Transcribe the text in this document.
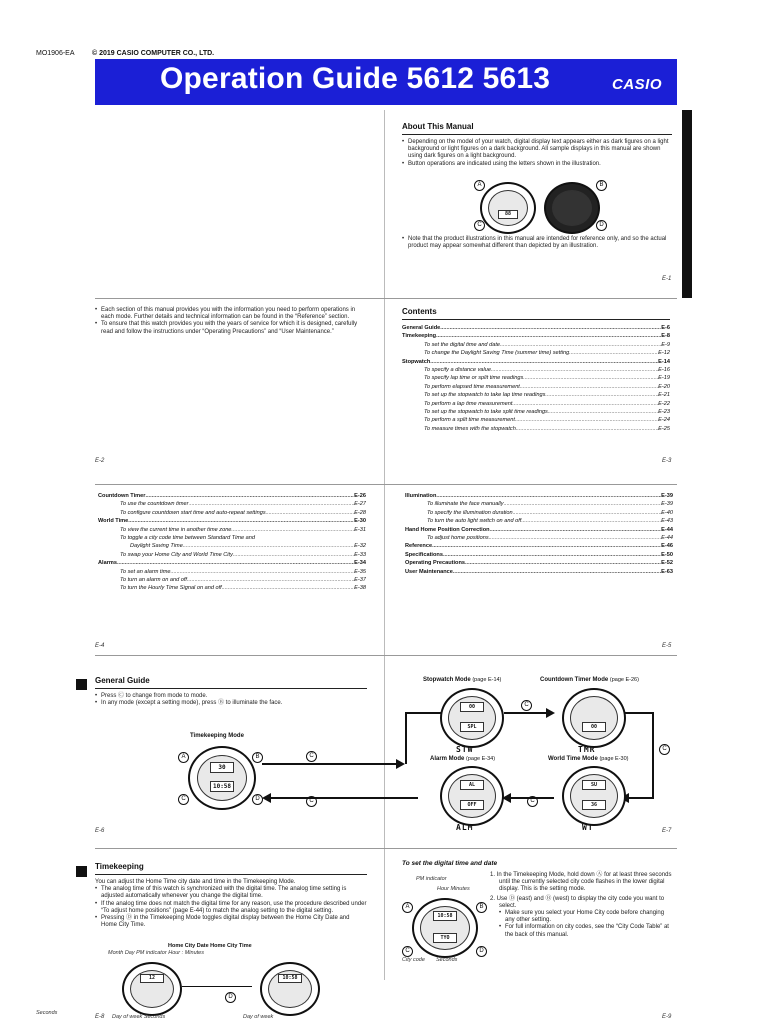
MO1906-EA © 2019 CASIO COMPUTER CO., LTD.
Operation Guide 5612 5613	CASIO
About This Manual
• Depending on the model of your watch, digital display text appears either as dark figures on a light background or light figures on a dark background. All sample displays in this manual are shown using dark figures on a light background.
• Button operations are indicated using the letters shown in the illustration.
88
A
C
B
D
• Note that the product illustrations in this manual are intended for reference only, and so the actual product may appear somewhat different than depicted by an illustration.
E-1
• Each section of this manual provides you with the information you need to perform operations in each mode. Further details and technical information can be found in the “Reference” section.
• To ensure that this watch provides you with the years of service for which it is designed, carefully read and follow the instructions under “Operating Precautions” and “User Maintenance.”
E-2
Contents
General Guide .....	E-6
Timekeeping .....	E-8
To set the digital time and date .....	E-9
To change the Daylight Saving Time (summer time) setting .....	E-12
Stopwatch .....	E-14
To specify a distance value .....	E-16
To specify lap time or split time readings .....	E-19
To perform elapsed time measurement .....	E-20
To set up the stopwatch to take lap time readings .....	E-21
To perform a lap time measurement .....	E-22
To set up the stopwatch to take split time readings .....	E-23
To perform a split time measurement .....	E-24
To measure times with the stopwatch .....	E-25
E-3
Countdown Timer .....	E-26
To use the countdown timer .....	E-27
To configure countdown start time and auto-repeat settings .....	E-28
World Time .....	E-30
To view the current time in another time zone .....	E-31
To toggle a city code time between Standard Time and
Daylight Saving Time .....	E-32
To swap your Home City and World Time City .....	E-33
Alarms .....	E-34
To set an alarm time .....	E-35
To turn an alarm on and off .....	E-37
To turn the Hourly Time Signal on and off .....	E-38
E-4
Illumination .....	E-39
To illuminate the face manually .....	E-39
To specify the illumination duration .....	E-40
To turn the auto light switch on and off .....	E-43
Hand Home Position Correction .....	E-44
To adjust home positions .....	E-44
Reference .....	E-46
Specifications .....	E-50
Operating Precautions .....	E-52
User Maintenance .....	E-63
E-5
General Guide
• Press Ⓒ to change from mode to mode.
• In any mode (except a setting mode), press Ⓑ to illuminate the face.
Timekeeping Mode
30
10:58
A
C
B
D
C
C
Stopwatch Mode (page E-14)
00
SPL
STW
C
Countdown Timer Mode (page E-26)
00
TMR	C
Alarm Mode (page E-34)
AL
OFF
ALM
C
World Time Mode (page E-30)
SU
36
WT
E-6	E-7
Timekeeping
You can adjust the Home Time city date and time in the Timekeeping Mode.
• The analog time of this watch is synchronized with the digital time. The analog time setting is adjusted automatically whenever you change the digital time.
• If the analog time does not match the digital time for any reason, use the procedure described under “To adjust home positions” (page E-44) to match the analog setting to the digital setting.
• Pressing Ⓓ in the Timekeeping Mode toggles digital display between the Home City Date and Home City Time.
Home City Date Home City Time
Month Day PM indicator Hour : Minutes
12
D
10:58
Seconds
Day of week Seconds	Day of week
E-8
To set the digital time and date
PM indicator
Hour Minutes
10:58
TYO
A
C
B
D
City code Seconds
1. In the Timekeeping Mode, hold down Ⓐ for at least three seconds until the currently selected city code flashes in the lower digital display. This is the setting mode.
2. Use Ⓓ (east) and Ⓑ (west) to display the city code you want to select.
• Make sure you select your Home City code before changing any other setting.
• For full information on city codes, see the “City Code Table” at the back of this manual.
E-9
